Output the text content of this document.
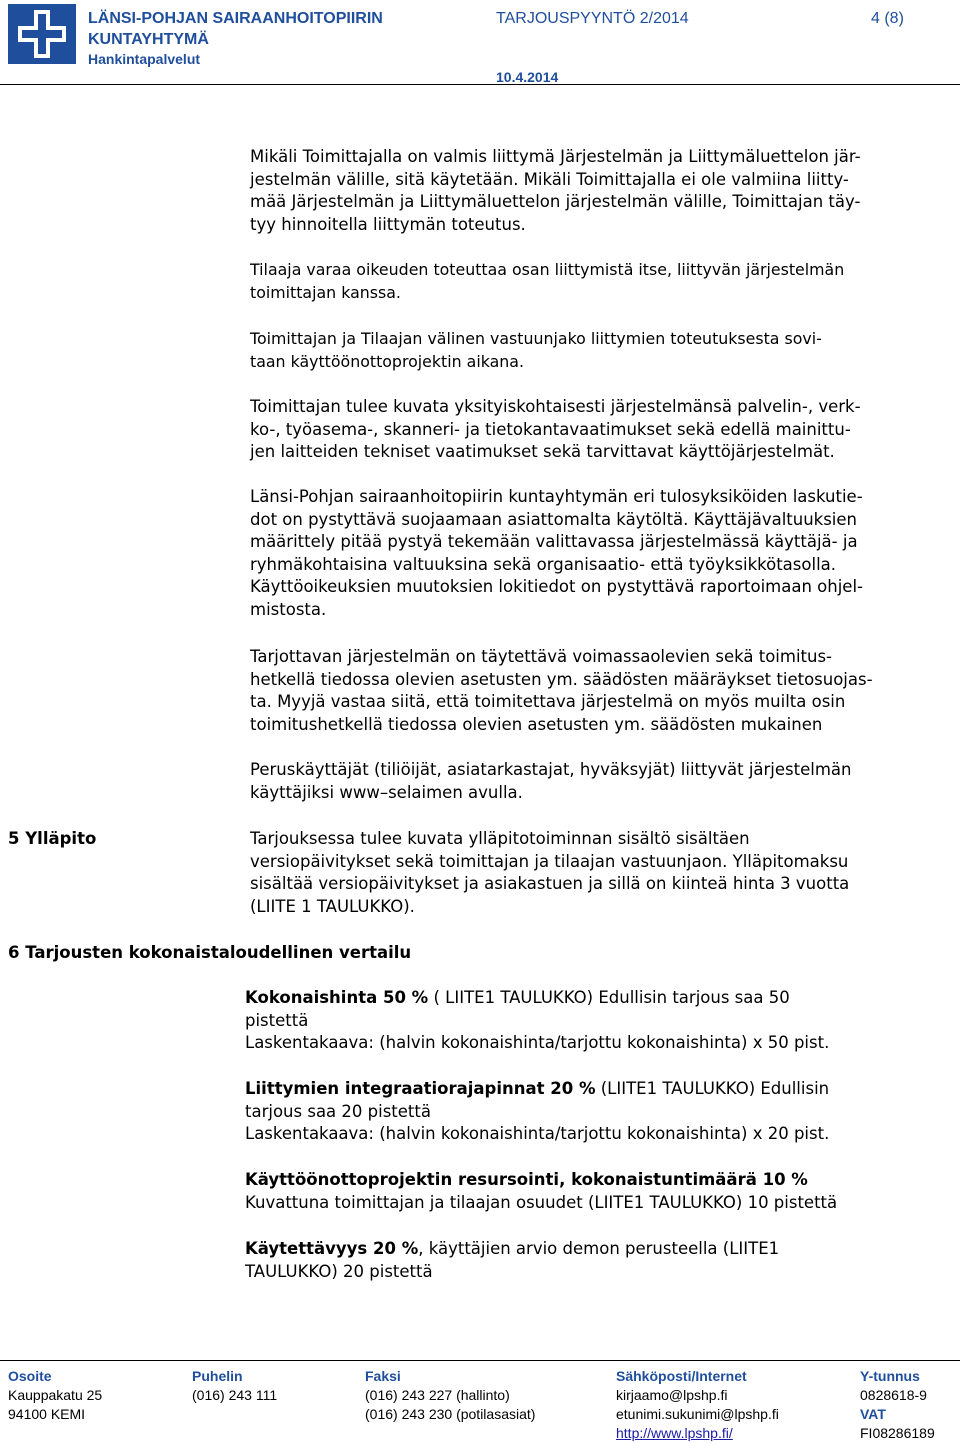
LÄNSI-POHJAN SAIRAANHOITOPIIRIN
KUNTAYHTYMÄ
Hankintapalvelut
TARJOUSPYYNTÖ 2/2014	4 (8)
10.4.2014
Mikäli Toimittajalla on valmis liittymä Järjestelmän ja Liittymäluettelon jär-
jestelmän välille, sitä käytetään. Mikäli Toimittajalla ei ole valmiina liitty-
mää Järjestelmän ja Liittymäluettelon järjestelmän välille, Toimittajan täy-
tyy hinnoitella liittymän toteutus.
Tilaaja varaa oikeuden toteuttaa osan liittymistä itse, liittyvän järjestelmän
toimittajan kanssa.
Toimittajan ja Tilaajan välinen vastuunjako liittymien toteutuksesta sovi-
taan käyttöönottoprojektin aikana.
Toimittajan tulee kuvata yksityiskohtaisesti järjestelmänsä palvelin-, verk-
ko-, työasema-, skanneri- ja tietokantavaatimukset sekä edellä mainittu-
jen laitteiden tekniset vaatimukset sekä tarvittavat käyttöjärjestelmät.
Länsi-Pohjan sairaanhoitopiirin kuntayhtymän eri tulosyksiköiden laskutie-
dot on pystyttävä suojaamaan asiattomalta käytöltä. Käyttäjävaltuuksien
määrittely pitää pystyä tekemään valittavassa järjestelmässä käyttäjä- ja
ryhmäkohtaisina valtuuksina sekä organisaatio- että työyksikkötasolla.
Käyttöoikeuksien muutoksien lokitiedot on pystyttävä raportoimaan ohjel-
mistosta.
Tarjottavan järjestelmän on täytettävä voimassaolevien sekä toimitus-
hetkellä tiedossa olevien asetusten ym. säädösten määräykset tietosuojas-
ta. Myyjä vastaa siitä, että toimitettava järjestelmä on myös muilta osin
toimitushetkellä tiedossa olevien asetusten ym. säädösten mukainen
Peruskäyttäjät (tiliöijät, asiatarkastajat, hyväksyjät) liittyvät järjestelmän
käyttäjiksi www–selaimen avulla.
5 Ylläpito	Tarjouksessa tulee kuvata ylläpitotoiminnan sisältö sisältäen
versiopäivitykset sekä toimittajan ja tilaajan vastuunjaon. Ylläpitomaksu
sisältää versiopäivitykset ja asiakastuen ja sillä on kiinteä hinta 3 vuotta
(LIITE 1 TAULUKKO).
6 Tarjousten kokonaistaloudellinen vertailu
Kokonaishinta 50 % ( LIITE1 TAULUKKO) Edullisin tarjous saa 50
pistettä
Laskentakaava: (halvin kokonaishinta/tarjottu kokonaishinta) x 50 pist.
Liittymien integraatiorajapinnat 20 % (LIITE1 TAULUKKO) Edullisin
tarjous saa 20 pistettä
Laskentakaava: (halvin kokonaishinta/tarjottu kokonaishinta) x 20 pist.
Käyttöönottoprojektin resursointi, kokonaistuntimäärä 10 %
Kuvattuna toimittajan ja tilaajan osuudet (LIITE1 TAULUKKO) 10 pistettä
Käytettävyys 20 %, käyttäjien arvio demon perusteella (LIITE1
TAULUKKO) 20 pistettä
Osoite
Kauppakatu 25
94100 KEMI
Puhelin
(016) 243 111
Faksi
(016) 243 227 (hallinto)
(016) 243 230 (potilasasiat)
Sähköposti/Internet
kirjaamo@lpshp.fi
etunimi.sukunimi@lpshp.fi
http://www.lpshp.fi/
Y-tunnus
0828618-9
VAT
FI08286189
